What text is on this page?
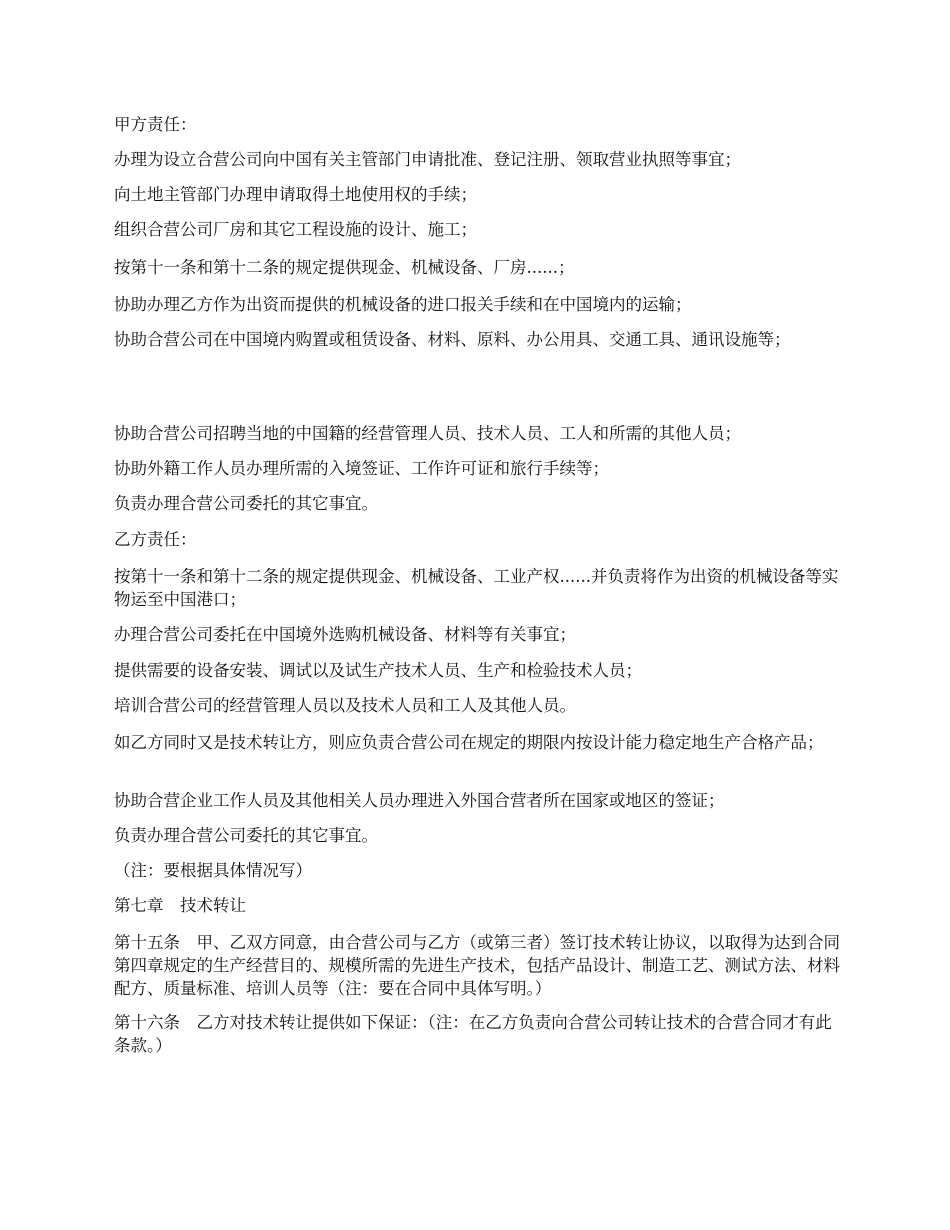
甲方责任：

办理为设立合营公司向中国有关主管部门申请批准、登记注册、领取营业执照等事宜；

向土地主管部门办理申请取得土地使用权的手续；

组织合营公司厂房和其它工程设施的设计、施工；

按第十一条和第十二条的规定提供现金、机械设备、厂房......；

协助办理乙方作为出资而提供的机械设备的进口报关手续和在中国境内的运输；

协助合营公司在中国境内购置或租赁设备、材料、原料、办公用具、交通工具、通讯设施等；

协助合营公司招聘当地的中国籍的经营管理人员、技术人员、工人和所需的其他人员；

协助外籍工作人员办理所需的入境签证、工作许可证和旅行手续等；

负责办理合营公司委托的其它事宜。

乙方责任：

按第十一条和第十二条的规定提供现金、机械设备、工业产权......并负责将作为出资的机械设备等实物运至中国港口；

办理合营公司委托在中国境外选购机械设备、材料等有关事宜；

提供需要的设备安装、调试以及试生产技术人员、生产和检验技术人员；

培训合营公司的经营管理人员以及技术人员和工人及其他人员。

如乙方同时又是技术转让方，则应负责合营公司在规定的期限内按设计能力稳定地生产合格产品；

协助合营企业工作人员及其他相关人员办理进入外国合营者所在国家或地区的签证；

负责办理合营公司委托的其它事宜。

（注：要根据具体情况写）

第七章　技术转让

第十五条　甲、乙双方同意，由合营公司与乙方（或第三者）签订技术转让协议，以取得为达到合同第四章规定的生产经营目的、规模所需的先进生产技术，包括产品设计、制造工艺、测试方法、材料配方、质量标准、培训人员等（注：要在合同中具体写明。）

第十六条　乙方对技术转让提供如下保证：（注：在乙方负责向合营公司转让技术的合营合同才有此条款。）
